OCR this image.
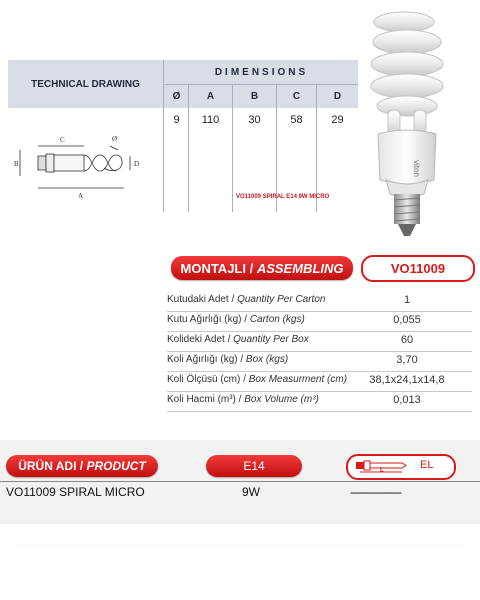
TECHNICAL DRAWING
DIMENSIONS
Ø	A	B	C	D
9	110	30	58	29
C	Ø
B	D
A	VO11009 SPIRAL E14 9W MICRO
viton
MONTAJLI /
ASSEMBLING	VO11009
Kutudaki Adet / Quantity Per Carton	1
Kutu Ağırlığı (kg) / Carton (kgs)	0,055
Kolideki Adet / Quantity Per Box	60
Koli Ağırlığı (kg) / Box (kgs)	3,70
Koli Ölçüsü (cm) / Box Measurment (cm)	38,1x24,1x14,8
Koli Hacmi (m³) / Box Volume (m³)	0,013
ÜRÜN ADI /
PRODUCT	E14	L	EL
VO11009 SPIRAL MICRO	9W	-----------------
